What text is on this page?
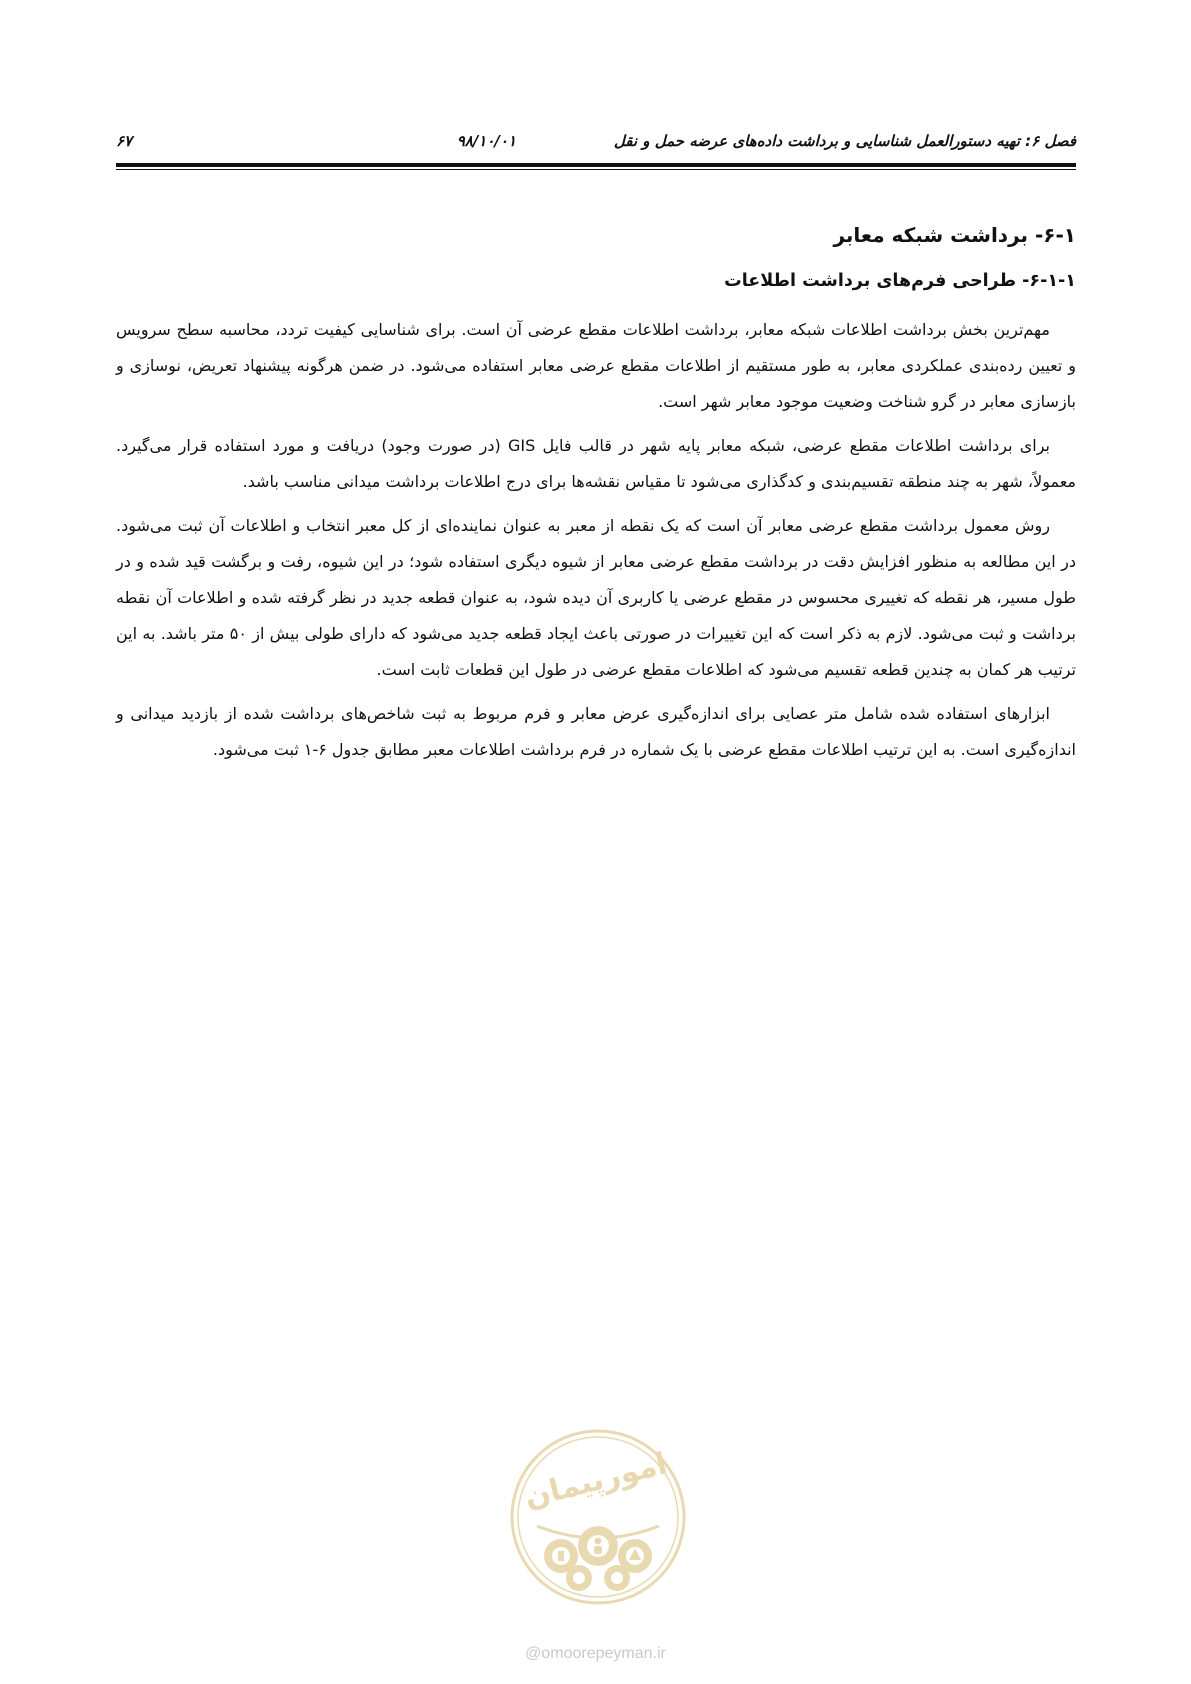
فصل ۶: تهیه دستورالعمل شناسایی و برداشت داده‌های عرضه حمل و نقل
۹۸/۱۰/۰۱
۶۷
۶-۱- برداشت شبکه معابر
۶-۱-۱- طراحی فرم‌های برداشت اطلاعات

مهم‌ترین بخش برداشت اطلاعات شبکه معابر، برداشت اطلاعات مقطع عرضی آن است. برای شناسایی کیفیت تردد، محاسبه سطح سرویس و تعیین رده‌بندی عملکردی معابر، به طور مستقیم از اطلاعات مقطع عرضی معابر استفاده می‌شود. در ضمن هرگونه پیشنهاد تعریض، نوسازی و بازسازی معابر در گرو شناخت وضعیت موجود معابر شهر است.

برای برداشت اطلاعات مقطع عرضی، شبکه معابر پایه شهر در قالب فایل GIS (در صورت وجود) دریافت و مورد استفاده قرار می‌گیرد. معمولاً، شهر به چند منطقه تقسیم‌بندی و کدگذاری می‌شود تا مقیاس نقشه‌ها برای درج اطلاعات برداشت میدانی مناسب باشد.

روش معمول برداشت مقطع عرضی معابر آن است که یک نقطه از معبر به عنوان نماینده‌ای از کل معبر انتخاب و اطلاعات آن ثبت می‌شود. در این مطالعه به منظور افزایش دقت در برداشت مقطع عرضی معابر از شیوه دیگری استفاده شود؛ در این شیوه، رفت و برگشت قید شده و در طول مسیر، هر نقطه که تغییری محسوس در مقطع عرضی یا کاربری آن دیده شود، به عنوان قطعه جدید در نظر گرفته شده و اطلاعات آن نقطه برداشت و ثبت می‌شود. لازم به ذکر است که این تغییرات در صورتی باعث ایجاد قطعه جدید می‌شود که دارای طولی بیش از ۵۰ متر باشد. به این ترتیب هر کمان به چندین قطعه تقسیم می‌شود که اطلاعات مقطع عرضی در طول این قطعات ثابت است.

ابزارهای استفاده شده شامل متر عصایی برای اندازه‌گیری عرض معابر و فرم مربوط به ثبت شاخص‌های برداشت شده از بازدید میدانی و اندازه‌گیری است. به این ترتیب اطلاعات مقطع عرضی با یک شماره در فرم برداشت اطلاعات معبر مطابق جدول ۶-۱ ثبت می‌شود.

امورپیمان
@omoorepeyman.ir
